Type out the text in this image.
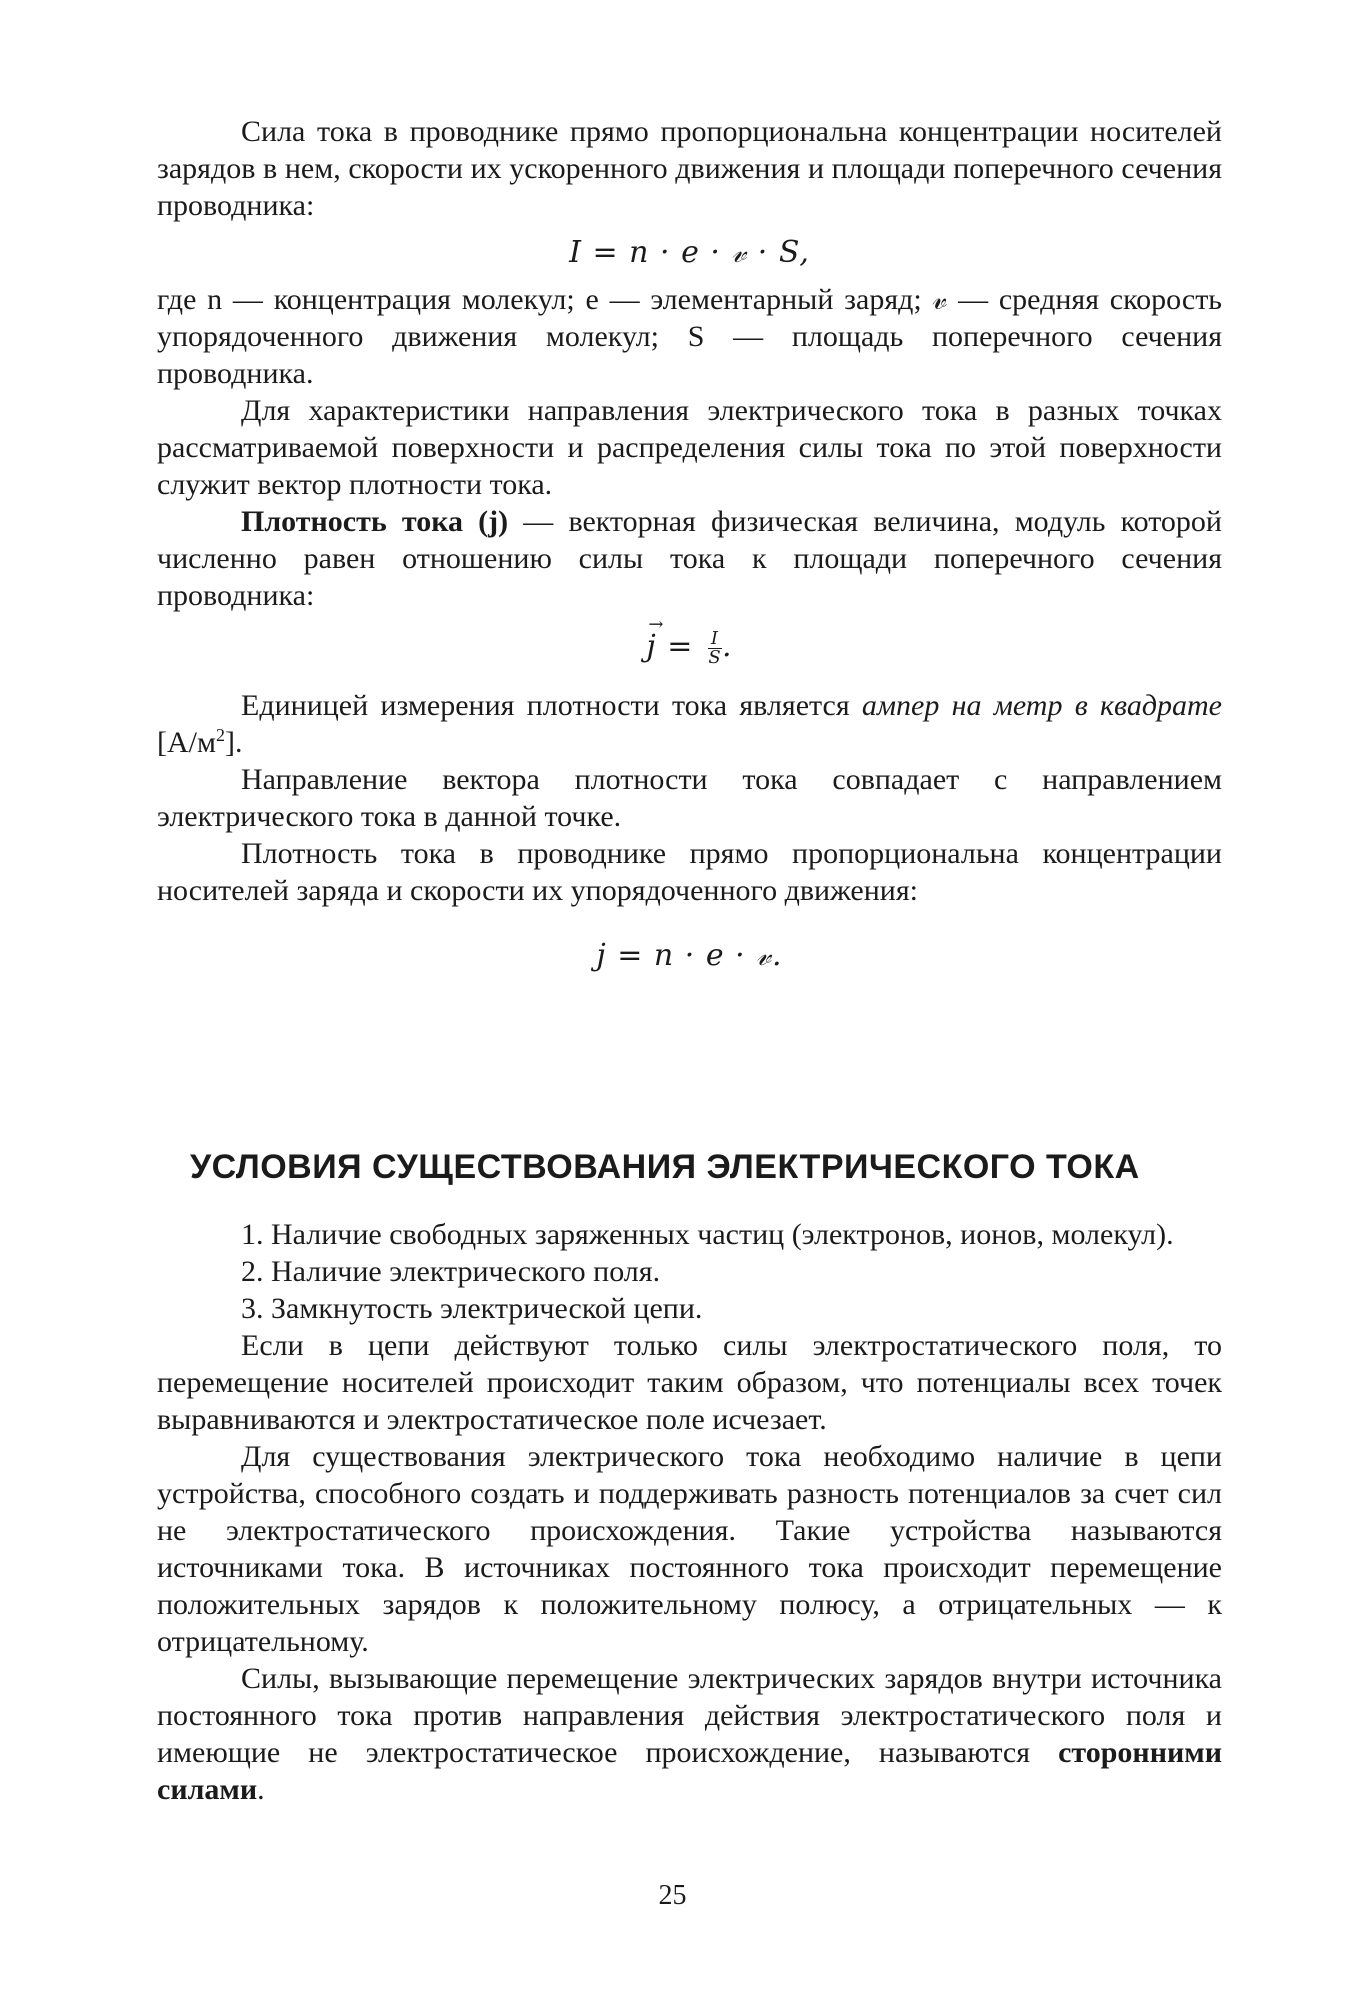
Сила тока в проводнике прямо пропорциональна концентрации носителей зарядов в нем, скорости их ускоренного движения и площади поперечного сечения проводника:

I = n · e · 𝓋 · S,

где n — концентрация молекул; e — элементарный заряд; 𝓋 — средняя скорость упорядоченного движения молекул; S — площадь поперечного сечения проводника.

Для характеристики направления электрического тока в разных точках рассматриваемой поверхности и распределения силы тока по этой поверхности служит вектор плотности тока.

Плотность тока (j) — векторная физическая величина, модуль которой численно равен отношению силы тока к площади поперечного сечения проводника:

→ $j = \frac{I}{S}$ .

Единицей измерения плотности тока является ампер на метр в квадрате $[А/м^2]$.

Направление вектора плотности тока совпадает с направлением электрического тока в данной точке.

Плотность тока в проводнике прямо пропорциональна концентрации носителей заряда и скорости их упорядоченного движения:

j = n · e · 𝓋.
УСЛОВИЯ СУЩЕСТВОВАНИЯ ЭЛЕКТРИЧЕСКОГО ТОКА

1. Наличие свободных заряженных частиц (электронов, ионов, молекул).

2. Наличие электрического поля.

3. Замкнутость электрической цепи.

Если в цепи действуют только силы электростатического поля, то перемещение носителей происходит таким образом, что потенциалы всех точек выравниваются и электростатическое поле исчезает.

Для существования электрического тока необходимо наличие в цепи устройства, способного создать и поддерживать разность потенциалов за счет сил не электростатического происхождения. Такие устройства называются источниками тока. В источниках постоянного тока происходит перемещение положительных зарядов к положительному полюсу, а отрицательных — к отрицательному.

Силы, вызывающие перемещение электрических зарядов внутри источника постоянного тока против направления действия электростатического поля и имеющие не электростатическое происхождение, называются сторонними силами.

25
